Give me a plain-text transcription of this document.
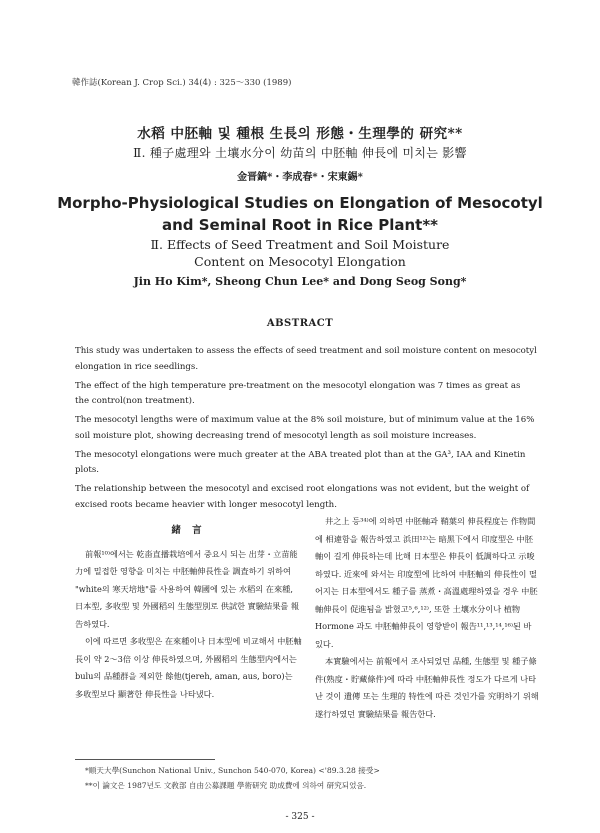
韓作誌(Korean J. Crop Sci.) 34(4) : 325～330 (1989)
水稻 中胚軸 및 種根 生長의 形態・生理學的 研究**
Ⅱ. 種子處理와 土壤水分이 幼苗의 中胚軸 伸長에 미치는 影響
金晋鎬*・李成春*・宋東錫*
Morpho-Physiological Studies on Elongation of Mesocotyl
and Seminal Root in Rice Plant**
Ⅱ. Effects of Seed Treatment and Soil Moisture
Content on Mesocotyl Elongation
Jin Ho Kim*, Sheong Chun Lee* and Dong Seog Song*
ABSTRACT

This study was undertaken to assess the effects of seed treatment and soil moisture content on mesocotyl elongation in rice seedlings.

The effect of the high temperature pre-treatment on the mesocotyl elongation was 7 times as great as the control(non treatment).

The mesocotyl lengths were of maximum value at the 8% soil moisture, but of minimum value at the 16% soil moisture plot, showing decreasing trend of mesocotyl length as soil moisture increases.

The mesocotyl elongations were much greater at the ABA treated plot than at the GA³, IAA and Kinetin plots.

The relationship between the mesocotyl and excised root elongations was not evident, but the weight of excised roots became heavier with longer mesocotyl length.

緒 言

前報¹⁰⁾에서는 乾畓直播栽培에서 중요시 되는 出芽・立苗能力에 밀접한 영향을 미치는 中胚軸伸長性을 調査하기 위하여 "white의 寒天培地"를 사용하여 韓國에 있는 水稻의 在來種, 日本型, 多收型 및 外國稻의 生態型別로 供試한 實驗結果를 報告하였다.

이에 따르면 多收型은 在來種이나 日本型에 비교해서 中胚軸長이 약 2～3倍 이상 伸長하였으며, 外國稻의 生態型内에서는 bulu의 品種群을 제외한 餘他(tjereh, aman, aus, boro)는 多收型보다 顯著한 伸長性을 나타냈다.

井之上 등³⁴⁾에 의하면 中胚軸과 鞘葉의 伸長程度는 作物間에 相違함을 報告하였고 浜田¹²⁾는 暗黑下에서 印度型은 中胚軸이 길게 伸長하는데 比해 日本型은 伸長이 低調하다고 示唆하였다. 近來에 와서는 印度型에 比하여 中胚軸의 伸長性이 떨어지는 日本型에서도 種子를 蒸煮・高溫處理하였을 경우 中胚軸伸長이 促進됨을 밝혔고⁵,⁶,¹²⁾, 또한 土壤水分이나 植物Hormone 과도 中胚軸伸長이 영향받이 報告¹¹,¹³,¹⁴,¹⁶⁾된 바 있다.

本實驗에서는 前報에서 조사되었던 品種, 生態型 및 種子條件(熟度・貯藏條件)에 따라 中胚軸伸長性 정도가 다르게 나타난 것이 遺傳 또는 生理的 特性에 따른 것인가를 究明하기 위해 遂行하였던 實驗結果를 報告한다.

*順天大學(Sunchon National Univ., Sunchon 540-070, Korea) <'89.3.28 接受>
**이 論文은 1987년도 文敎部 自由公募課題 學術研究 助成費에 의하여 研究되었음.
- 325 -
